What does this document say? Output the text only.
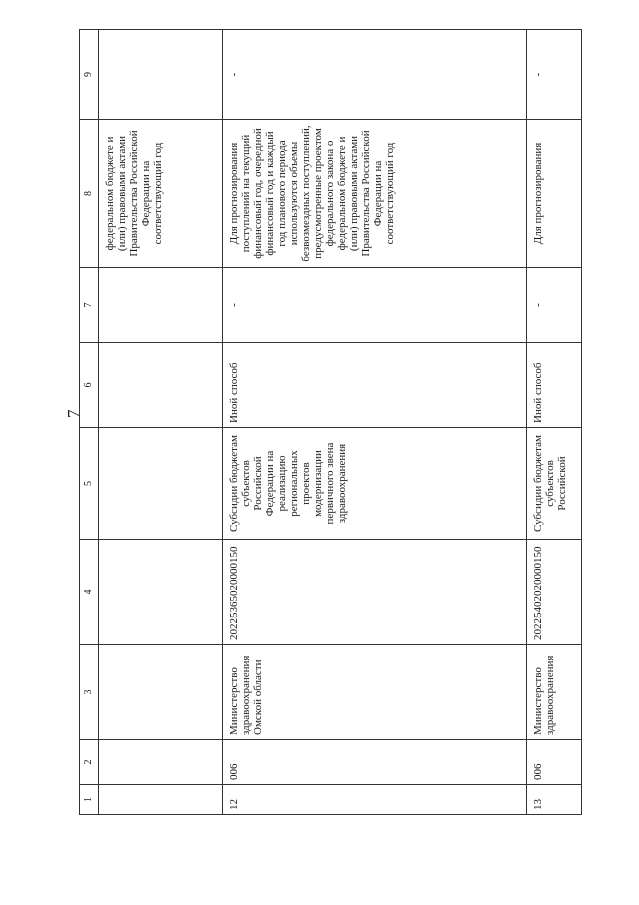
7
1	2	3	4	5	6	7	8	9
							федеральном бюджете и (или) правовыми актами Правительства Российской Федерации на соответствующий год	
12	006	Министерство здравоохранения Омской области	20225365020000150	Субсидии бюджетам субъектов Российской Федерации на реализацию региональных проектов модернизации первичного звена здравоохранения	Иной способ	-	Для прогнозирования поступлений на текущий финансовый год, очередной финансовый год и каждый год планового периода используются объемы безвозмездных поступлений, предусмотренные проектом федерального закона о федеральном бюджете и (или) правовыми актами Правительства Российской Федерации на соответствующий год	-
13	006	Министерство здравоохранения	20225402020000150	Субсидии бюджетам субъектов Российской	Иной способ	-	Для прогнозирования	-
